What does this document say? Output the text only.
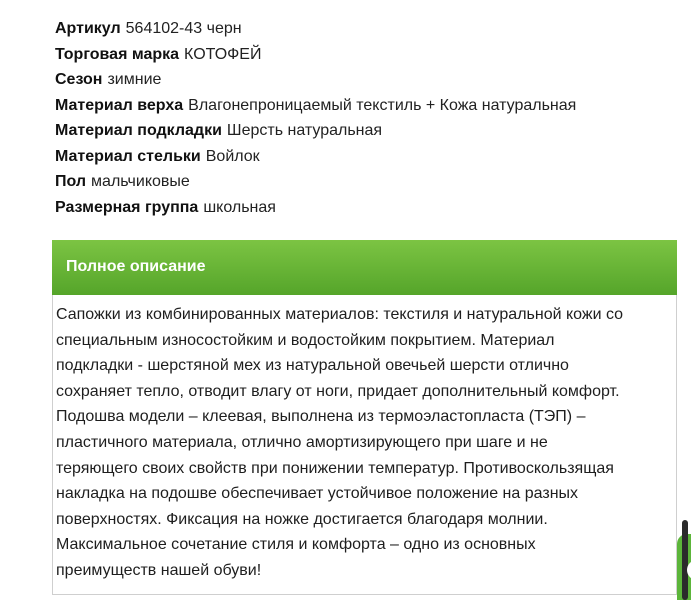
Артикул 564102-43 черн
Торговая марка КОТОФЕЙ
Сезон зимние
Материал верха Влагонепроницаемый текстиль + Кожа натуральная
Материал подкладки Шерсть натуральная
Материал стельки Войлок
Пол мальчиковые
Размерная группа школьная
Полное описание
Сапожки из комбинированных материалов: текстиля и натуральной кожи со
специальным износостойким и водостойким покрытием. Материал
подкладки - шерстяной мех из натуральной овечьей шерсти отлично
сохраняет тепло, отводит влагу от ноги, придает дополнительный комфорт.
Подошва модели – клеевая, выполнена из термоэластопласта (ТЭП) –
пластичного материала, отлично амортизирующего при шаге и не
теряющего своих свойств при понижении температур. Противоскользящая
накладка на подошве обеспечивает устойчивое положение на разных
поверхностях. Фиксация на ножке достигается благодаря молнии.
Максимальное сочетание стиля и комфорта – одно из основных
преимуществ нашей обуви!
